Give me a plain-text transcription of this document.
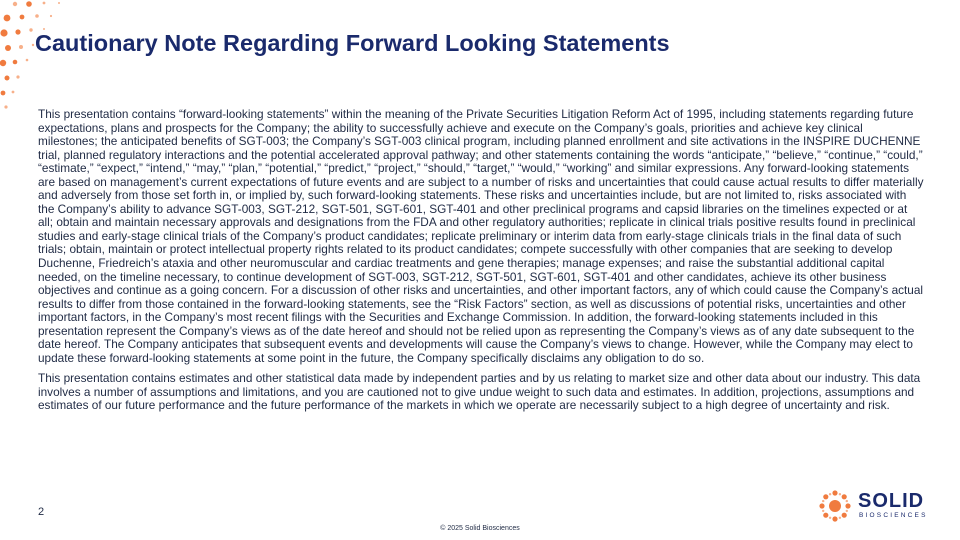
Cautionary Note Regarding Forward Looking Statements

This presentation contains “forward-looking statements” within the meaning of the Private Securities Litigation Reform Act of 1995, including statements regarding future expectations, plans and prospects for the Company; the ability to successfully achieve and execute on the Company’s goals, priorities and achieve key clinical milestones; the anticipated benefits of SGT-003; the Company’s SGT-003 clinical program, including planned enrollment and site activations in the INSPIRE DUCHENNE trial, planned regulatory interactions and the potential accelerated approval pathway; and other statements containing the words “anticipate,” “believe,” “continue,” “could,” “estimate,” “expect,” “intend,” “may,” “plan,” “potential,” “predict,” “project,” “should,” “target,” “would,” “working” and similar expressions. Any forward-looking statements are based on management’s current expectations of future events and are subject to a number of risks and uncertainties that could cause actual results to differ materially and adversely from those set forth in, or implied by, such forward-looking statements. These risks and uncertainties include, but are not limited to, risks associated with the Company’s ability to advance SGT-003, SGT-212, SGT-501, SGT-601, SGT-401 and other preclinical programs and capsid libraries on the timelines expected or at all; obtain and maintain necessary approvals and designations from the FDA and other regulatory authorities; replicate in clinical trials positive results found in preclinical studies and early-stage clinical trials of the Company’s product candidates; replicate preliminary or interim data from early-stage clinicals trials in the final data of such trials; obtain, maintain or protect intellectual property rights related to its product candidates; compete successfully with other companies that are seeking to develop Duchenne, Friedreich’s ataxia and other neuromuscular and cardiac treatments and gene therapies; manage expenses; and raise the substantial additional capital needed, on the timeline necessary, to continue development of SGT-003, SGT-212, SGT-501, SGT-601, SGT-401 and other candidates, achieve its other business objectives and continue as a going concern. For a discussion of other risks and uncertainties, and other important factors, any of which could cause the Company’s actual results to differ from those contained in the forward-looking statements, see the “Risk Factors” section, as well as discussions of potential risks, uncertainties and other important factors, in the Company’s most recent filings with the Securities and Exchange Commission. In addition, the forward-looking statements included in this presentation represent the Company’s views as of the date hereof and should not be relied upon as representing the Company’s views as of any date subsequent to the date hereof. The Company anticipates that subsequent events and developments will cause the Company’s views to change. However, while the Company may elect to update these forward-looking statements at some point in the future, the Company specifically disclaims any obligation to do so.

This presentation contains estimates and other statistical data made by independent parties and by us relating to market size and other data about our industry. This data involves a number of assumptions and limitations, and you are cautioned not to give undue weight to such data and estimates. In addition, projections, assumptions and estimates of our future performance and the future performance of the markets in which we operate are necessarily subject to a high degree of uncertainty and risk.

2	SOLID
BIOSCIENCES
© 2025 Solid Biosciences
